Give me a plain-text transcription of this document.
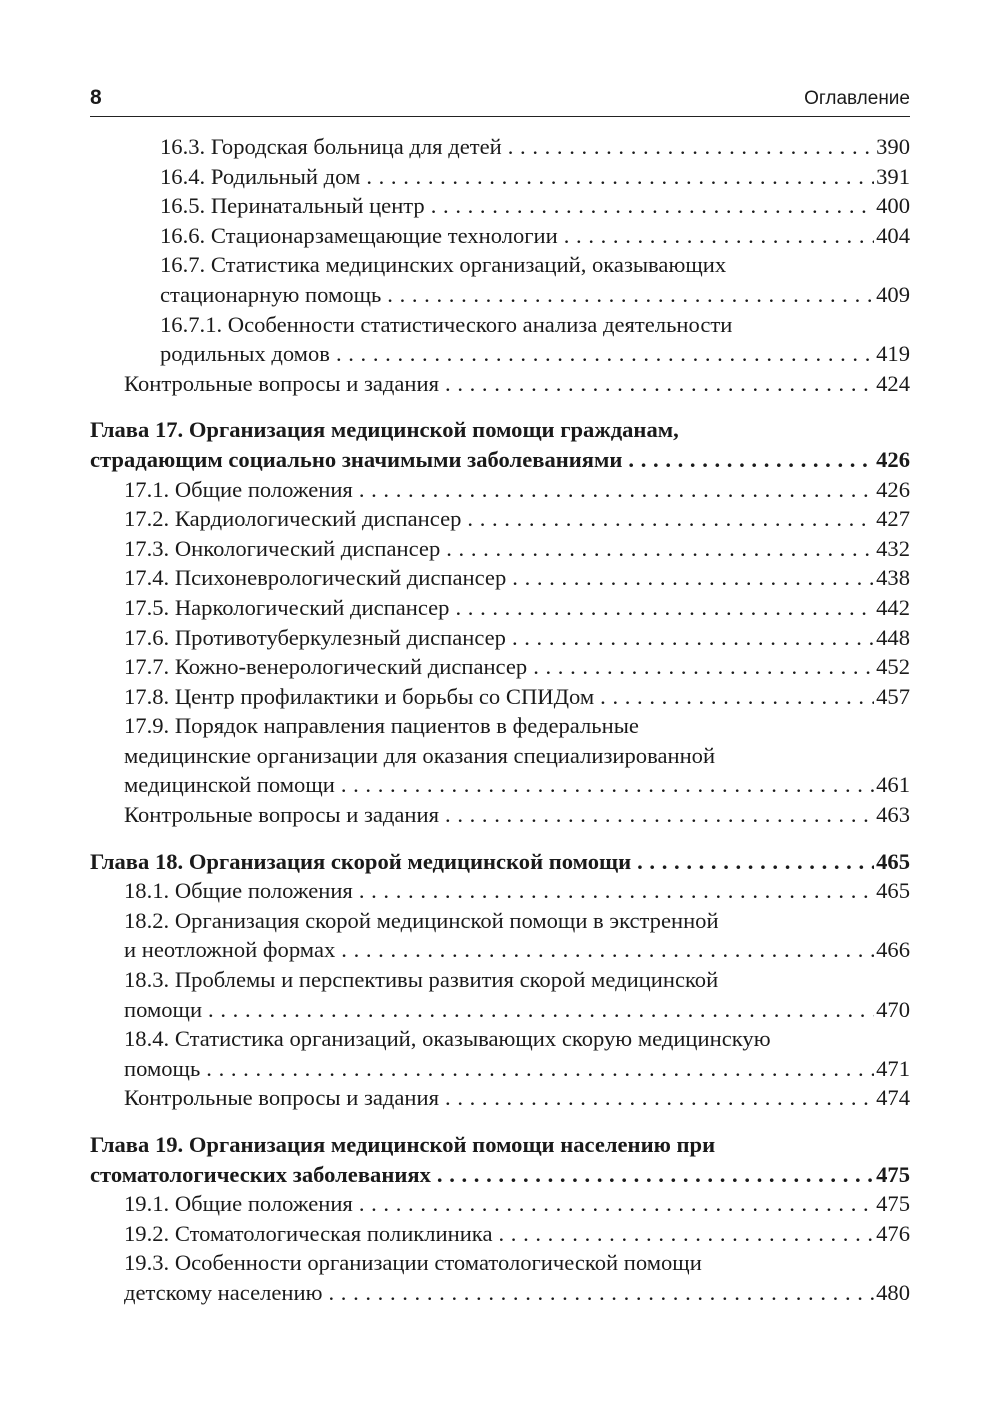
8	Оглавление
16.3. Городская больница для детей . . .	390
16.4. Родильный дом . . .	391
16.5. Перинатальный центр . . .	400
16.6. Стационарзамещающие технологии . . .	404
16.7. Статистика медицинских организаций, оказывающих
стационарную помощь . . .	409
16.7.1. Особенности статистического анализа деятельности
родильных домов . . .	419
Контрольные вопросы и задания . . .	424
Глава 17. Организация медицинской помощи гражданам,
страдающим социально значимыми заболеваниями . . .	426
17.1. Общие положения . . .	426
17.2. Кардиологический диспансер . . .	427
17.3. Онкологический диспансер . . .	432
17.4. Психоневрологический диспансер . . .	438
17.5. Наркологический диспансер . . .	442
17.6. Противотуберкулезный диспансер . . .	448
17.7. Кожно-венерологический диспансер . . .	452
17.8. Центр профилактики и борьбы со СПИДом . . .	457
17.9. Порядок направления пациентов в федеральные
медицинские организации для оказания специализированной
медицинской помощи . . .	461
Контрольные вопросы и задания . . .	463
Глава 18. Организация скорой медицинской помощи . . .	465
18.1. Общие положения . . .	465
18.2. Организация скорой медицинской помощи в экстренной
и неотложной формах . . .	466
18.3. Проблемы и перспективы развития скорой медицинской
помощи . . .	470
18.4. Статистика организаций, оказывающих скорую медицинскую
помощь . . .	471
Контрольные вопросы и задания . . .	474
Глава 19. Организация медицинской помощи населению при
стоматологических заболеваниях . . .	475
19.1. Общие положения . . .	475
19.2. Стоматологическая поликлиника . . .	476
19.3. Особенности организации стоматологической помощи
детскому населению . . .	480
